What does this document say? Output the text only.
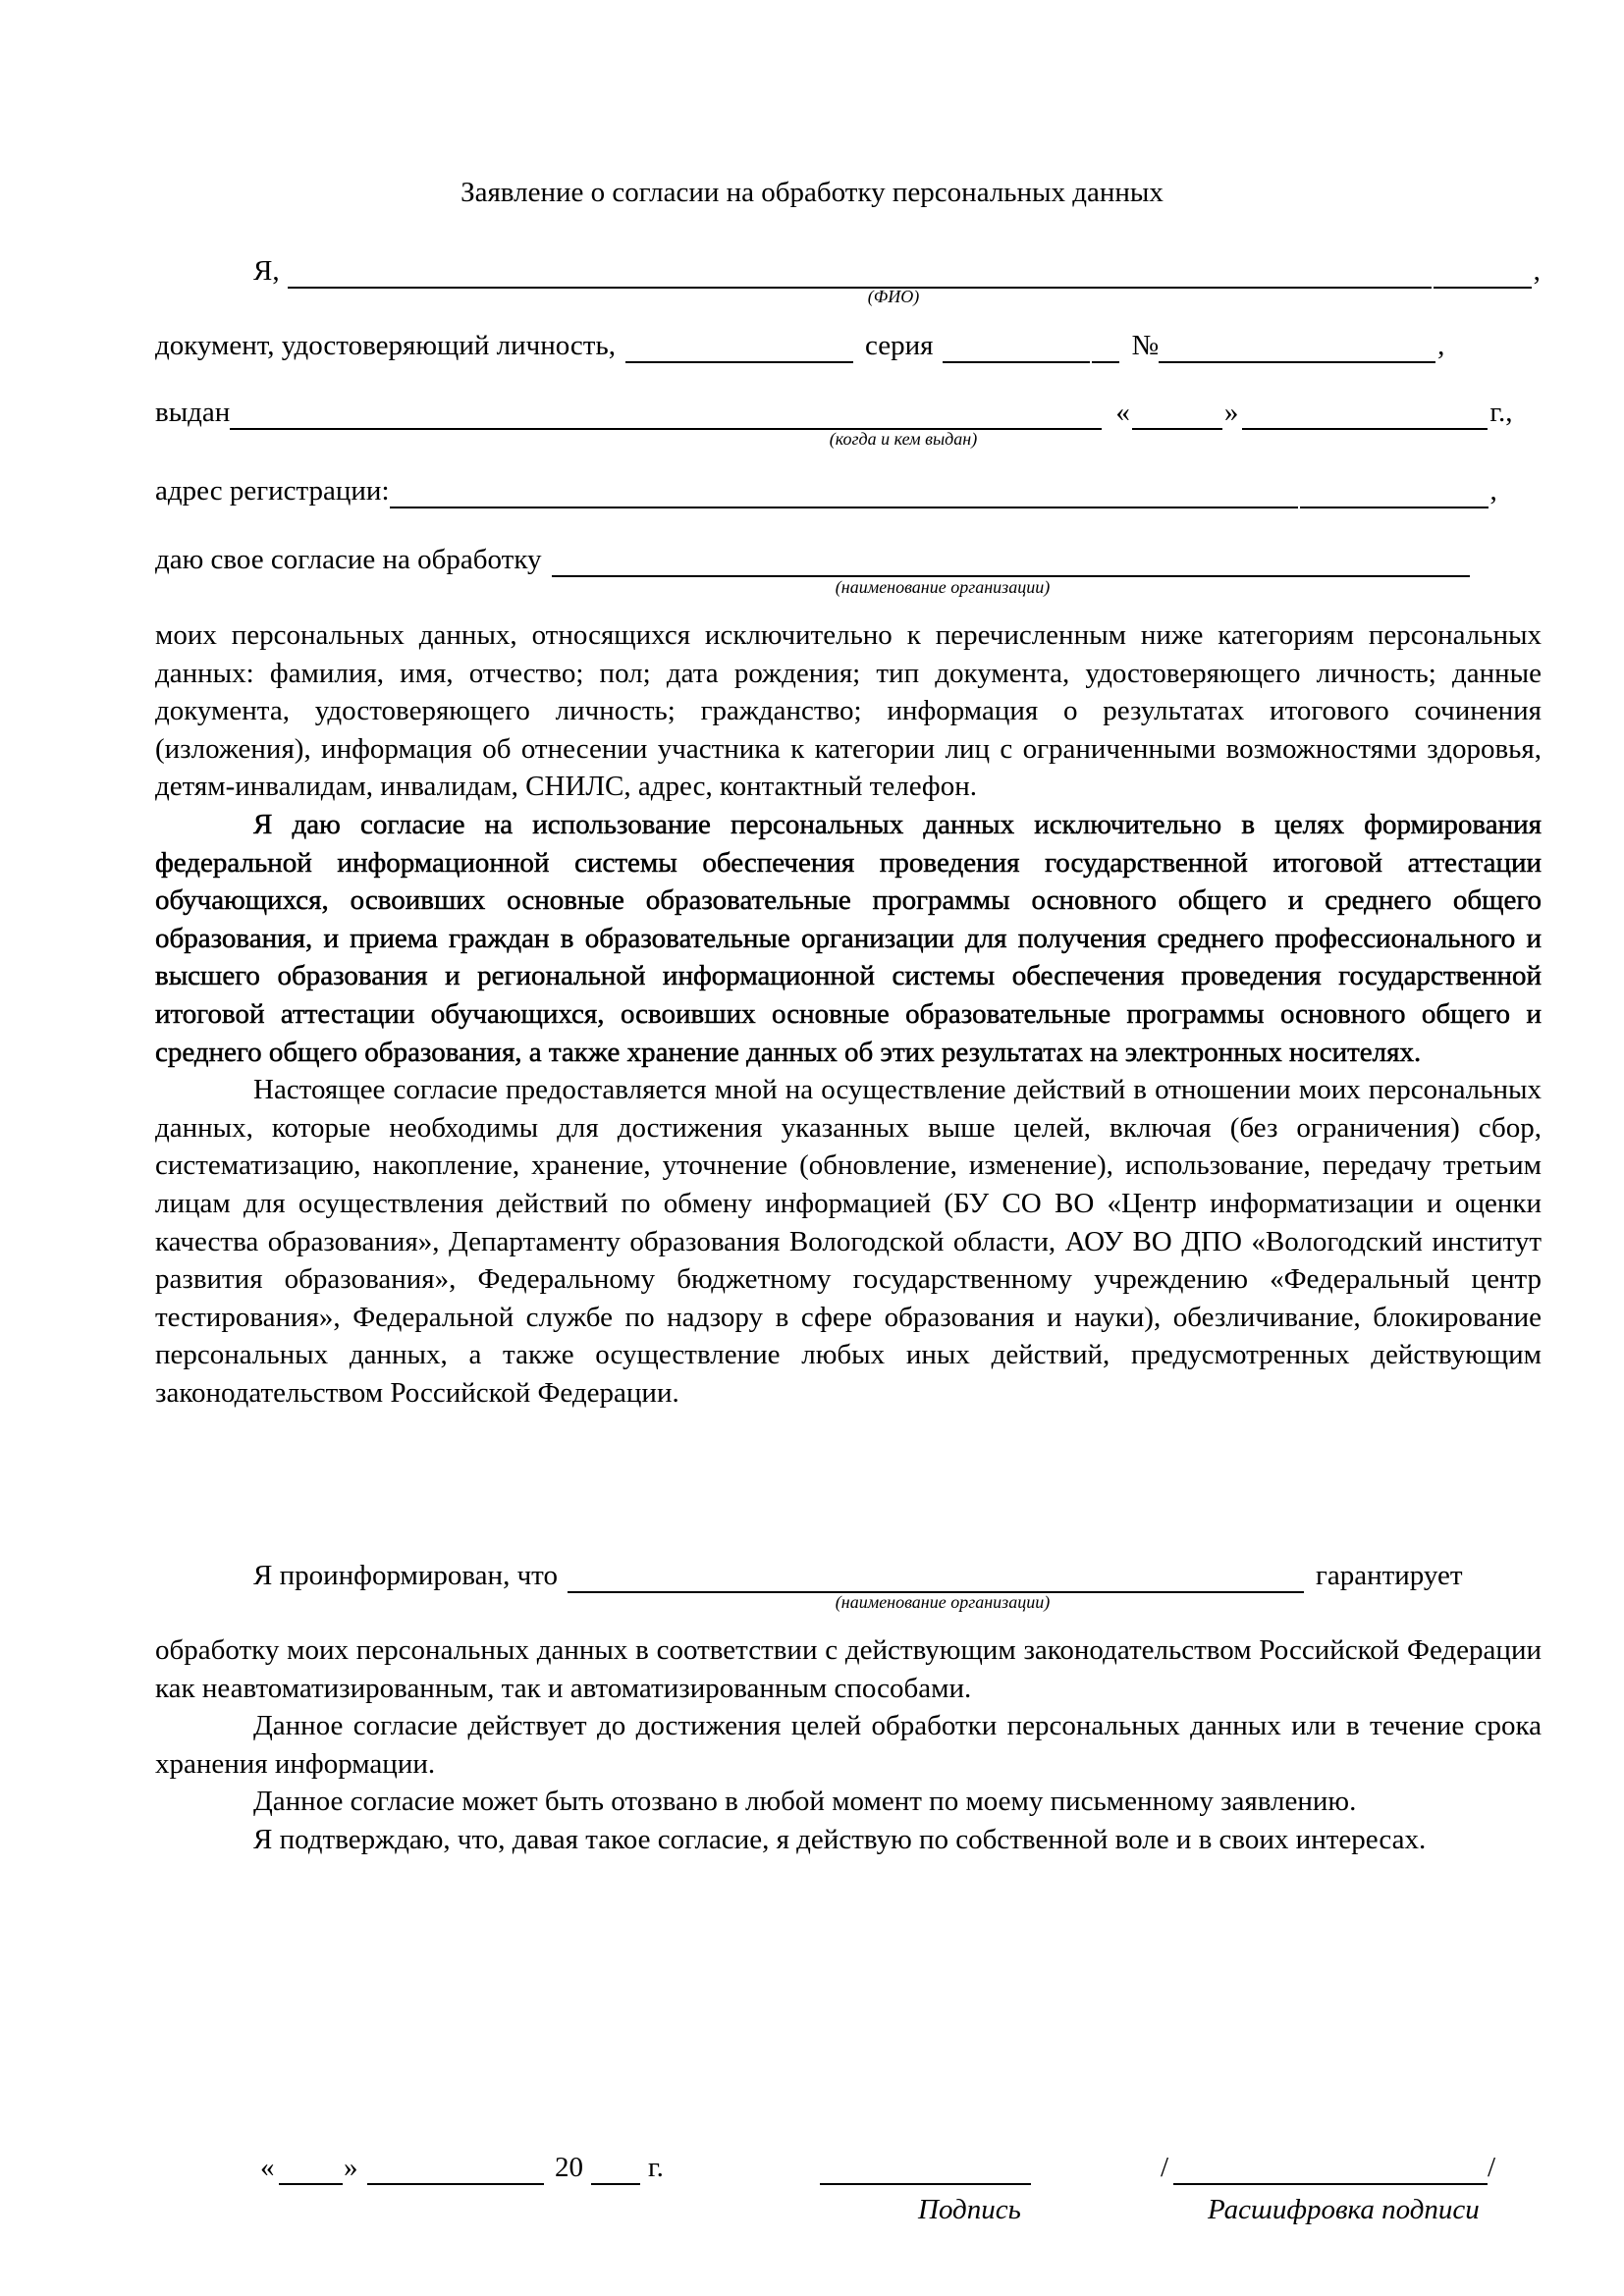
Заявление о согласии на обработку персональных данных
Я,	,
(ФИО)
документ, удостоверяющий личность,	серия	№	,
выдан	«	»	г.,
(когда и кем выдан)
адрес регистрации:	,
даю свое согласие на обработку
(наименование организации)

моих персональных данных, относящихся исключительно к перечисленным ниже категориям персональных данных: фамилия, имя, отчество; пол; дата рождения; тип документа, удостоверяющего личность; данные документа, удостоверяющего личность; гражданство; информация о результатах итогового сочинения (изложения), информация об отнесении участника к категории лиц с ограниченными возможностями здоровья, детям-инвалидам, инвалидам, СНИЛС, адрес, контактный телефон.

Я даю согласие на использование персональных данных исключительно в целях формирования федеральной информационной системы обеспечения проведения государственной итоговой аттестации обучающихся, освоивших основные образовательные программы основного общего и среднего общего образования, и приема граждан в образовательные организации для получения среднего профессионального и высшего образования и региональной информационной системы обеспечения проведения государственной итоговой аттестации обучающихся, освоивших основные образовательные программы основного общего и среднего общего образования, а также хранение данных об этих результатах на электронных носителях.

Настоящее согласие предоставляется мной на осуществление действий в отношении моих персональных данных, которые необходимы для достижения указанных выше целей, включая (без ограничения) сбор, систематизацию, накопление, хранение, уточнение (обновление, изменение), использование, передачу третьим лицам для осуществления действий по обмену информацией (БУ СО ВО «Центр информатизации и оценки качества образования», Департаменту образования Вологодской области, АОУ ВО ДПО «Вологодский институт развития образования», Федеральному бюджетному государственному учреждению «Федеральный центр тестирования», Федеральной службе по надзору в сфере образования и науки), обезличивание, блокирование персональных данных, а также осуществление любых иных действий, предусмотренных действующим законодательством Российской Федерации.

Я проинформирован, что	гарантирует
(наименование организации)

обработку моих персональных данных в соответствии с действующим законодательством Российской Федерации как неавтоматизированным, так и автоматизированным способами.

Данное согласие действует до достижения целей обработки персональных данных или в течение срока хранения информации.

Данное согласие может быть отозвано в любой момент по моему письменному заявлению.

Я подтверждаю, что, давая такое согласие, я действую по собственной воле и в своих интересах.

« »	20 г.	/	/
Подпись	Расшифровка подписи
